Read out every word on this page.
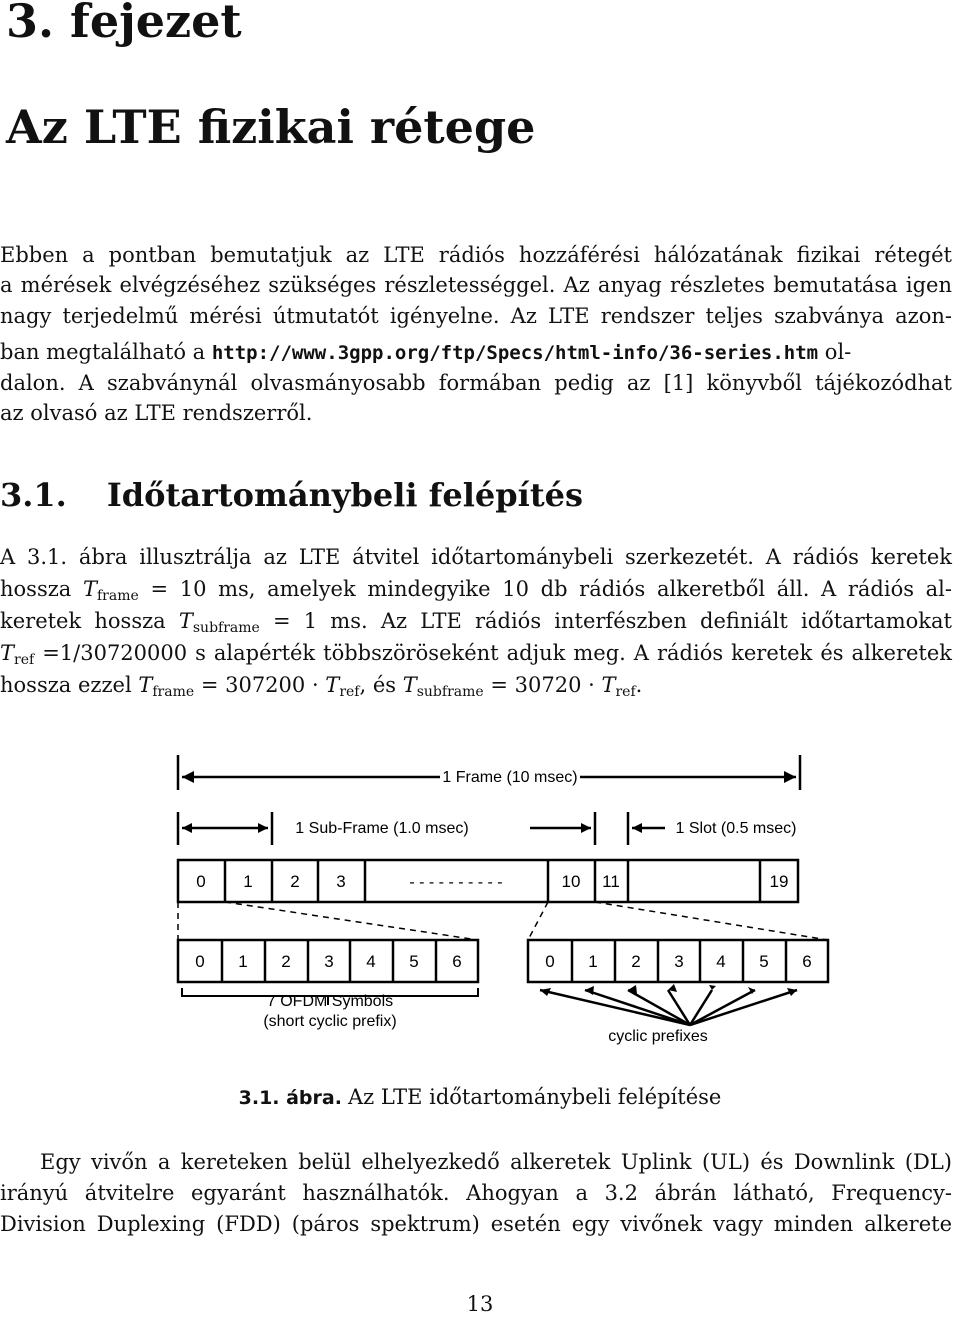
3. fejezet
Az LTE fizikai rétege
Ebben a pontban bemutatjuk az LTE rádiós hozzáférési hálózatának fizikai rétegét
a mérések elvégzéséhez szükséges részletességgel. Az anyag részletes bemutatása igen
nagy terjedelmű mérési útmutatót igényelne. Az LTE rendszer teljes szabványa azon-
ban megtalálható a http://www.3gpp.org/ftp/Specs/html-info/36-series.htm ol-
dalon. A szabványnál olvasmányosabb formában pedig az [1] könyvből tájékozódhat
az olvasó az LTE rendszerről.
3.1. Időtartománybeli felépítés
A 3.1. ábra illusztrálja az LTE átvitel időtartománybeli szerkezetét. A rádiós keretek
hossza $T_{frame} = 10$ ms, amelyek mindegyike 10 db rádiós alkeretből áll. A rádiós al-
keretek hossza $T_{subframe} = 1$ ms. Az LTE rádiós interfészben definiált időtartamokat
$T_{ref} =1/30720000$ s alapérték többszöröseként adjuk meg. A rádiós keretek és alkeretek
hossza ezzel $T_{frame} = 307200 \cdot T_{ref}$, és $T_{subframe} = 30720 \cdot T_{ref}$.
1 Frame (10 msec)
1 Sub-Frame (1.0 msec)	1 Slot (0.5 msec)
0 1 2 3	- - - - - - - - - -	10 11	19
0 1 2 3 4 5 6	0 1 2 3 4 5 6
7 OFDM Symbols
(short cyclic prefix)
cyclic prefixes
3.1. ábra. Az LTE időtartománybeli felépítése
Egy vivőn a kereteken belül elhelyezkedő alkeretek Uplink (UL) és Downlink (DL)
irányú átvitelre egyaránt használhatók. Ahogyan a 3.2 ábrán látható, Frequency-
Division Duplexing (FDD) (páros spektrum) esetén egy vivőnek vagy minden alkerete
13
